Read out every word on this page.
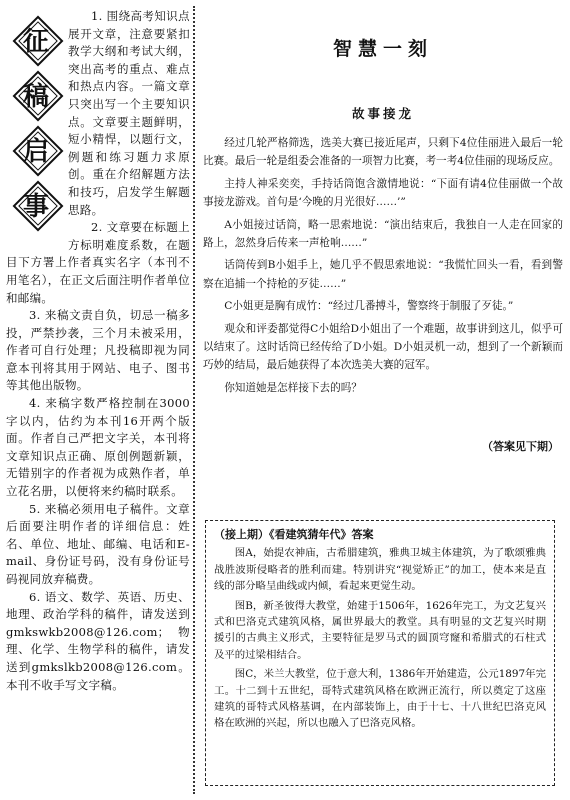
征
稿
启
事

1. 围绕高考知识点展开文章，注意要紧扣教学大纲和考试大纲，突出高考的重点、难点和热点内容。一篇文章只突出写一个主要知识点。文章要主题鲜明，短小精悍，以题行文，例题和练习题力求原创。重在介绍解题方法和技巧，启发学生解题思路。

2. 文章要在标题上方标明难度系数，在题目下方署上作者真实名字（本刊不用笔名），在正文后面注明作者单位和邮编。

3. 来稿文责自负，切忌一稿多投，严禁抄袭，三个月未被采用，作者可自行处理；凡投稿即视为同意本刊将其用于网站、电子、图书等其他出版物。

4. 来稿字数严格控制在3000字以内，估约为本刊16开两个版面。作者自己严把文字关，本刊将文章知识点正确、原创例题新颖，无错别字的作者视为成熟作者，单立花名册，以便将来约稿时联系。

5. 来稿必须用电子稿件。文章后面要注明作者的详细信息：姓名、单位、地址、邮编、电话和E-mail、身份证号码，没有身份证号码视同放弃稿费。

6. 语文、数学、英语、历史、地理、政治学科的稿件，请发送到gmkswkb2008@126.com；物理、化学、生物学科的稿件，请发送到gmkslkb2008@126.com。本刊不收手写文字稿。

智慧一刻
故事接龙

经过几轮严格筛选，选美大赛已接近尾声，只剩下4位佳丽进入最后一轮比赛。最后一轮是组委会准备的一项智力比赛，考一考4位佳丽的现场反应。

主持人神采奕奕，手持话筒饱含激情地说：“下面有请4位佳丽做一个故事接龙游戏。首句是‘今晚的月光很好……’”

A小姐接过话筒，略一思索地说：“演出结束后，我独自一人走在回家的路上，忽然身后传来一声枪响……”

话筒传到B小姐手上，她几乎不假思索地说：“我慌忙回头一看，看到警察在追捕一个持枪的歹徒……”

C小姐更是胸有成竹：“经过几番搏斗，警察终于制服了歹徒。”

观众和评委都觉得C小姐给D小姐出了一个难题，故事讲到这儿，似乎可以结束了。这时话筒已经传给了D小姐。D小姐灵机一动，想到了一个新颖而巧妙的结局，最后她获得了本次选美大赛的冠军。

你知道她是怎样接下去的吗？

（答案见下期）
（接上期）《看建筑猜年代》答案

图A，始提农神庙，古希腊建筑，雅典卫城主体建筑，为了歌颂雅典战胜波斯侵略者的胜利而建。特别讲究“视觉矫正”的加工，使本来是直线的部分略呈曲线或内倾，看起来更觉生动。

图B，新圣彼得大教堂，始建于1506年，1626年完工，为文艺复兴式和巴洛克式建筑风格，属世界最大的教堂。具有明显的文艺复兴时期援引的古典主义形式，主要特征是罗马式的圆顶穹窿和希腊式的石柱式及平的过梁相结合。

图C，米兰大教堂，位于意大利，1386年开始建造，公元1897年完工。十二到十五世纪，哥特式建筑风格在欧洲正流行，所以奠定了这座建筑的哥特式风格基调，在内部装饰上，由于十七、十八世纪巴洛克风格在欧洲的兴起，所以也融入了巴洛克风格。
